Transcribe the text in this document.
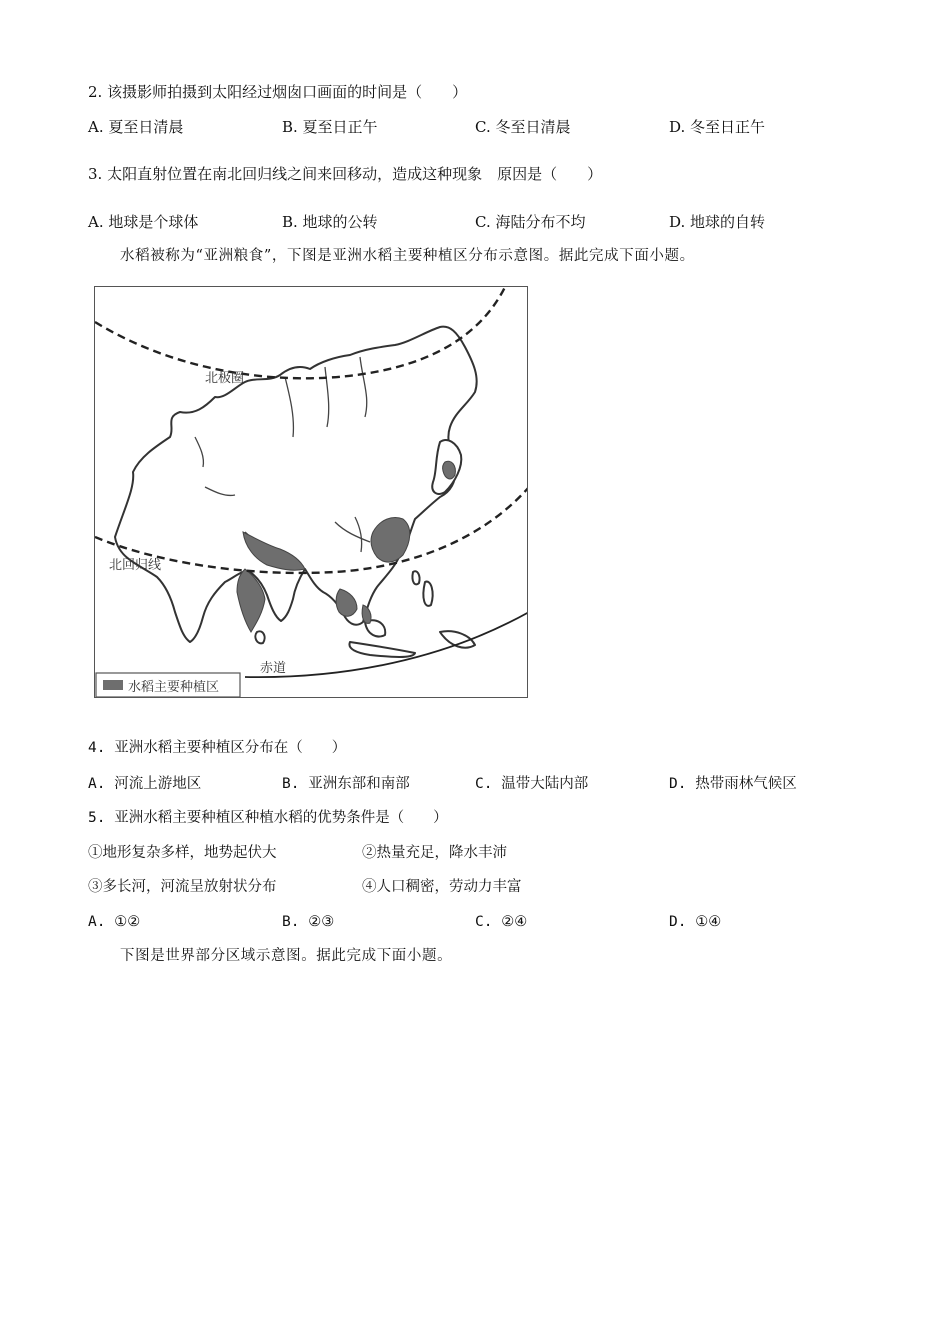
2. 该摄影师拍摄到太阳经过烟囱口画面的时间是（　　）
A. 夏至日清晨	B. 夏至日正午	C. 冬至日清晨	D. 冬至日正午
3. 太阳直射位置在南北回归线之间来回移动，造成这种现象　原因是（　　）
A. 地球是个球体	B. 地球的公转	C. 海陆分布不均	D. 地球的自转
水稻被称为“亚洲粮食”，下图是亚洲水稻主要种植区分布示意图。据此完成下面小题。
北极圈
北回归线
赤道
水稻主要种植区
4. 亚洲水稻主要种植区分布在（　　）
A. 河流上游地区	B. 亚洲东部和南部	C. 温带大陆内部	D. 热带雨林气候区
5. 亚洲水稻主要种植区种植水稻的优势条件是（　　）
①地形复杂多样，地势起伏大	②热量充足，降水丰沛
③多长河，河流呈放射状分布	④人口稠密，劳动力丰富
A. ①②	B. ②③	C. ②④	D. ①④
下图是世界部分区域示意图。据此完成下面小题。
